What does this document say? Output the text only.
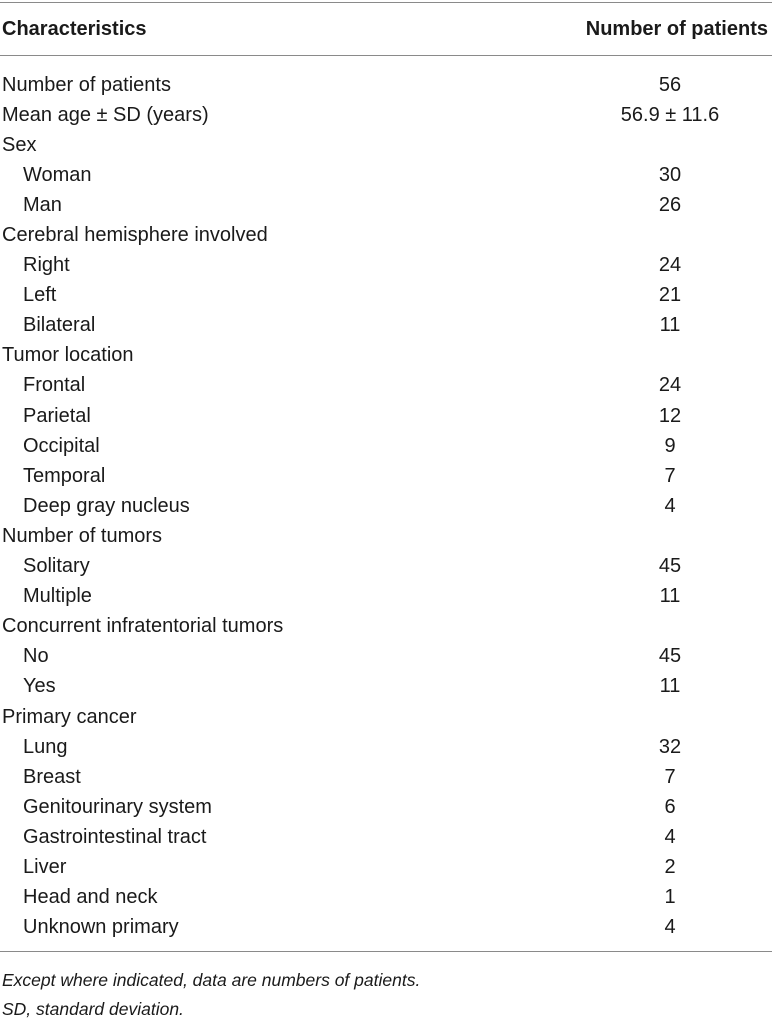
Characteristics	Number of patients
Number of patients	56
Mean age ± SD (years)	56.9 ± 11.6
Sex
Woman	30
Man	26
Cerebral hemisphere involved
Right	24
Left	21
Bilateral	11
Tumor location
Frontal	24
Parietal	12
Occipital	9
Temporal	7
Deep gray nucleus	4
Number of tumors
Solitary	45
Multiple	11
Concurrent infratentorial tumors
No	45
Yes	11
Primary cancer
Lung	32
Breast	7
Genitourinary system	6
Gastrointestinal tract	4
Liver	2
Head and neck	1
Unknown primary	4
Except where indicated, data are numbers of patients.
SD, standard deviation.
